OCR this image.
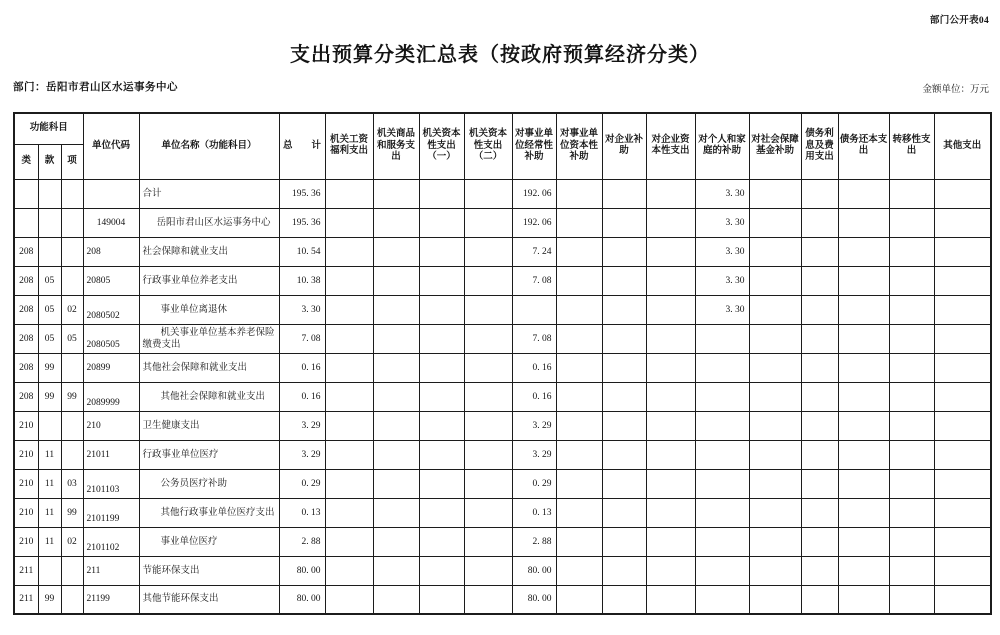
部门公开表04
支出预算分类汇总表（按政府预算经济分类）
部门：岳阳市君山区水运事务中心	金额单位：万元
功能科目			单位代码	单位名称（功能科目）	总　　计	机关工资福利支出	机关商品和服务支出	机关资本性支出（一）	机关资本性支出（二）	对事业单位经常性补助	对事业单位资本性补助	对企业补助	对企业资本性支出	对个人和家庭的补助	对社会保障基金补助	债务利息及费用支出	债务还本支出	转移性支出	其他支出
类	款	项																	
				合计	195. 36					192. 06				3. 30					
			149004	岳阳市君山区水运事务中心	195. 36					192. 06				3. 30					
208			208	社会保障和就业支出	10. 54					7. 24				3. 30					
208	05		20805	行政事业单位养老支出	10. 38					7. 08				3. 30					
208	05	02	2080502	事业单位离退休	3. 30									3. 30					
208	05	05	2080505	机关事业单位基本养老保险缴费支出	7. 08					7. 08									
208	99		20899	其他社会保障和就业支出	0. 16					0. 16									
208	99	99	2089999	其他社会保障和就业支出	0. 16					0. 16									
210			210	卫生健康支出	3. 29					3. 29									
210	11		21011	行政事业单位医疗	3. 29					3. 29									
210	11	03	2101103	公务员医疗补助	0. 29					0. 29									
210	11	99	2101199	其他行政事业单位医疗支出	0. 13					0. 13									
210	11	02	2101102	事业单位医疗	2. 88					2. 88									
211			211	节能环保支出	80. 00					80. 00									
211	99		21199	其他节能环保支出	80. 00					80. 00									
